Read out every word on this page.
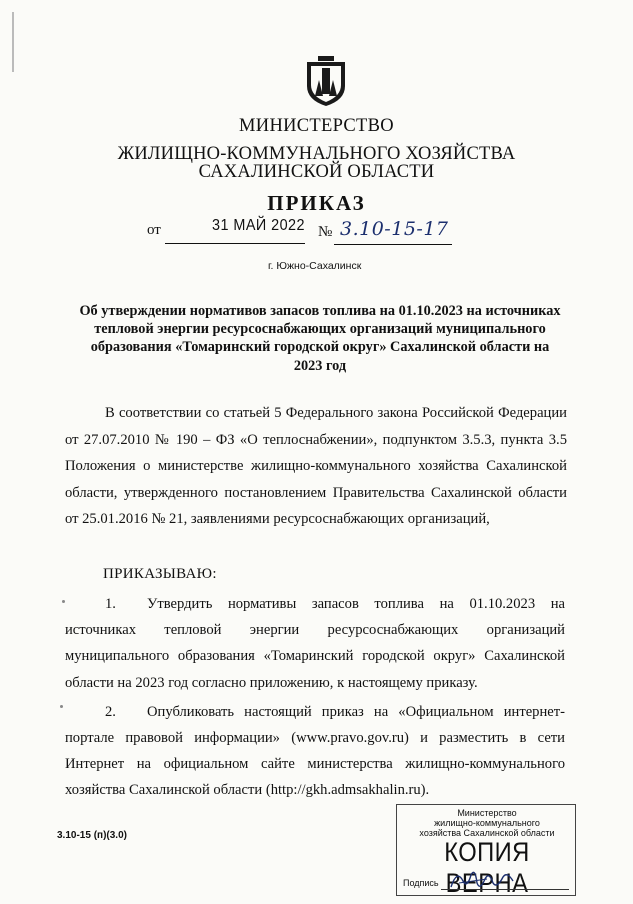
МИНИСТЕРСТВО
ЖИЛИЩНО-КОММУНАЛЬНОГО ХОЗЯЙСТВА
САХАЛИНСКОЙ ОБЛАСТИ
ПРИКАЗ
от	31 МАЙ 2022 № 3.10-15-17
г. Южно-Сахалинск
Об утверждении нормативов запасов топлива на 01.10.2023 на источниках тепловой энергии ресурсоснабжающих организаций муниципального образования «Томаринский городской округ» Сахалинской области на 2023 год

В соответствии со статьей 5 Федерального закона Российской Федерации от 27.07.2010 № 190 – ФЗ «О теплоснабжении», подпунктом 3.5.3, пункта 3.5 Положения о министерстве жилищно-коммунального хозяйства Сахалинской области, утвержденного постановлением Правительства Сахалинской области от 25.01.2016 № 21, заявлениями ресурсоснабжающих организаций,

ПРИКАЗЫВАЮ:

1. Утвердить нормативы запасов топлива на 01.10.2023 на источниках тепловой энергии ресурсоснабжающих организаций муниципального образования «Томаринский городской округ» Сахалинской области на 2023 год согласно приложению, к настоящему приказу.

2. Опубликовать настоящий приказ на «Официальном интернет-портале правовой информации» (www.pravo.gov.ru) и разместить в сети Интернет на официальном сайте министерства жилищно-коммунального хозяйства Сахалинской области (http://gkh.admsakhalin.ru).

3.10-15 (п)(3.0)
Министерство
жилищно-коммунального
хозяйства Сахалинской области
КОПИЯ ВЕРНА
Подпись
